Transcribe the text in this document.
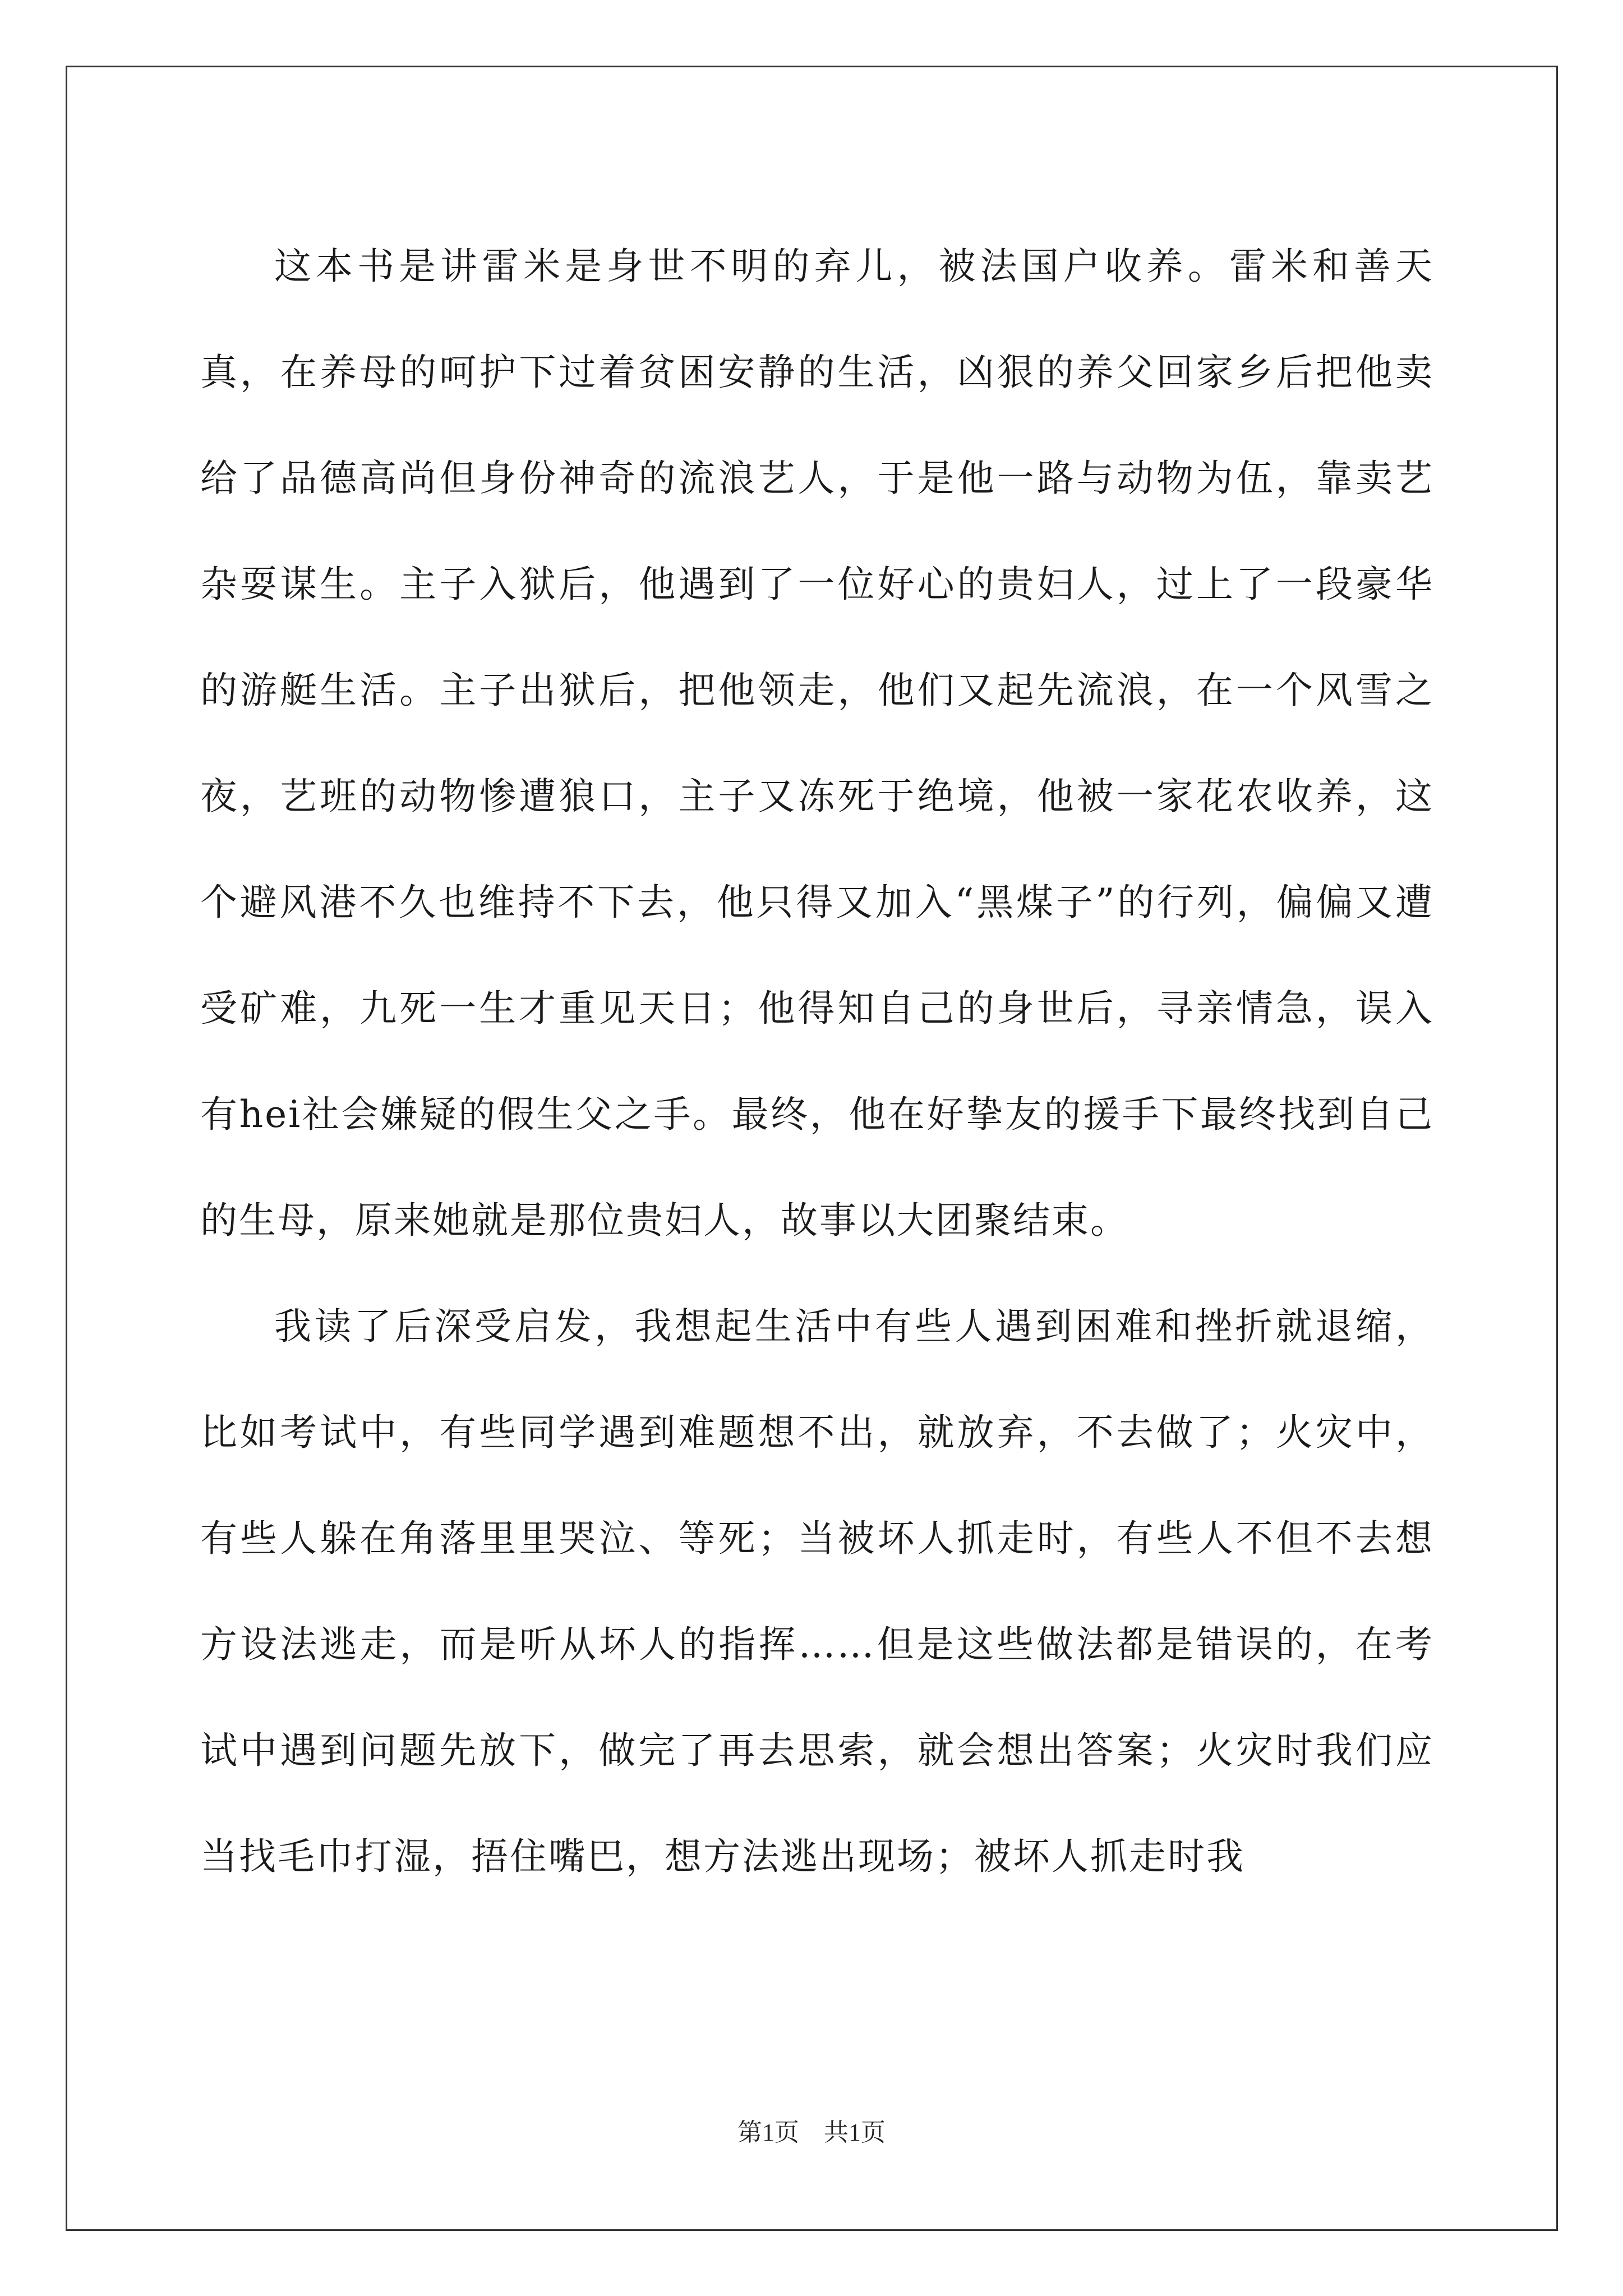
这本书是讲雷米是身世不明的弃儿，被法国户收养。雷米和善天真，在养母的呵护下过着贫困安静的生活，凶狠的养父回家乡后把他卖给了品德高尚但身份神奇的流浪艺人，于是他一路与动物为伍，靠卖艺杂耍谋生。主子入狱后，他遇到了一位好心的贵妇人，过上了一段豪华的游艇生活。主子出狱后，把他领走，他们又起先流浪，在一个风雪之夜，艺班的动物惨遭狼口，主子又冻死于绝境，他被一家花农收养，这个避风港不久也维持不下去，他只得又加入“黑煤子”的行列，偏偏又遭受矿难，九死一生才重见天日；他得知自己的身世后，寻亲情急，误入有hei社会嫌疑的假生父之手。最终，他在好挚友的援手下最终找到自己的生母，原来她就是那位贵妇人，故事以大团聚结束。

我读了后深受启发，我想起生活中有些人遇到困难和挫折就退缩，比如考试中，有些同学遇到难题想不出，就放弃，不去做了；火灾中，有些人躲在角落里里哭泣、等死；当被坏人抓走时，有些人不但不去想方设法逃走，而是听从坏人的指挥……但是这些做法都是错误的，在考试中遇到问题先放下，做完了再去思索，就会想出答案；火灾时我们应当找毛巾打湿，捂住嘴巴，想方法逃出现场；被坏人抓走时我

第1页 共1页
